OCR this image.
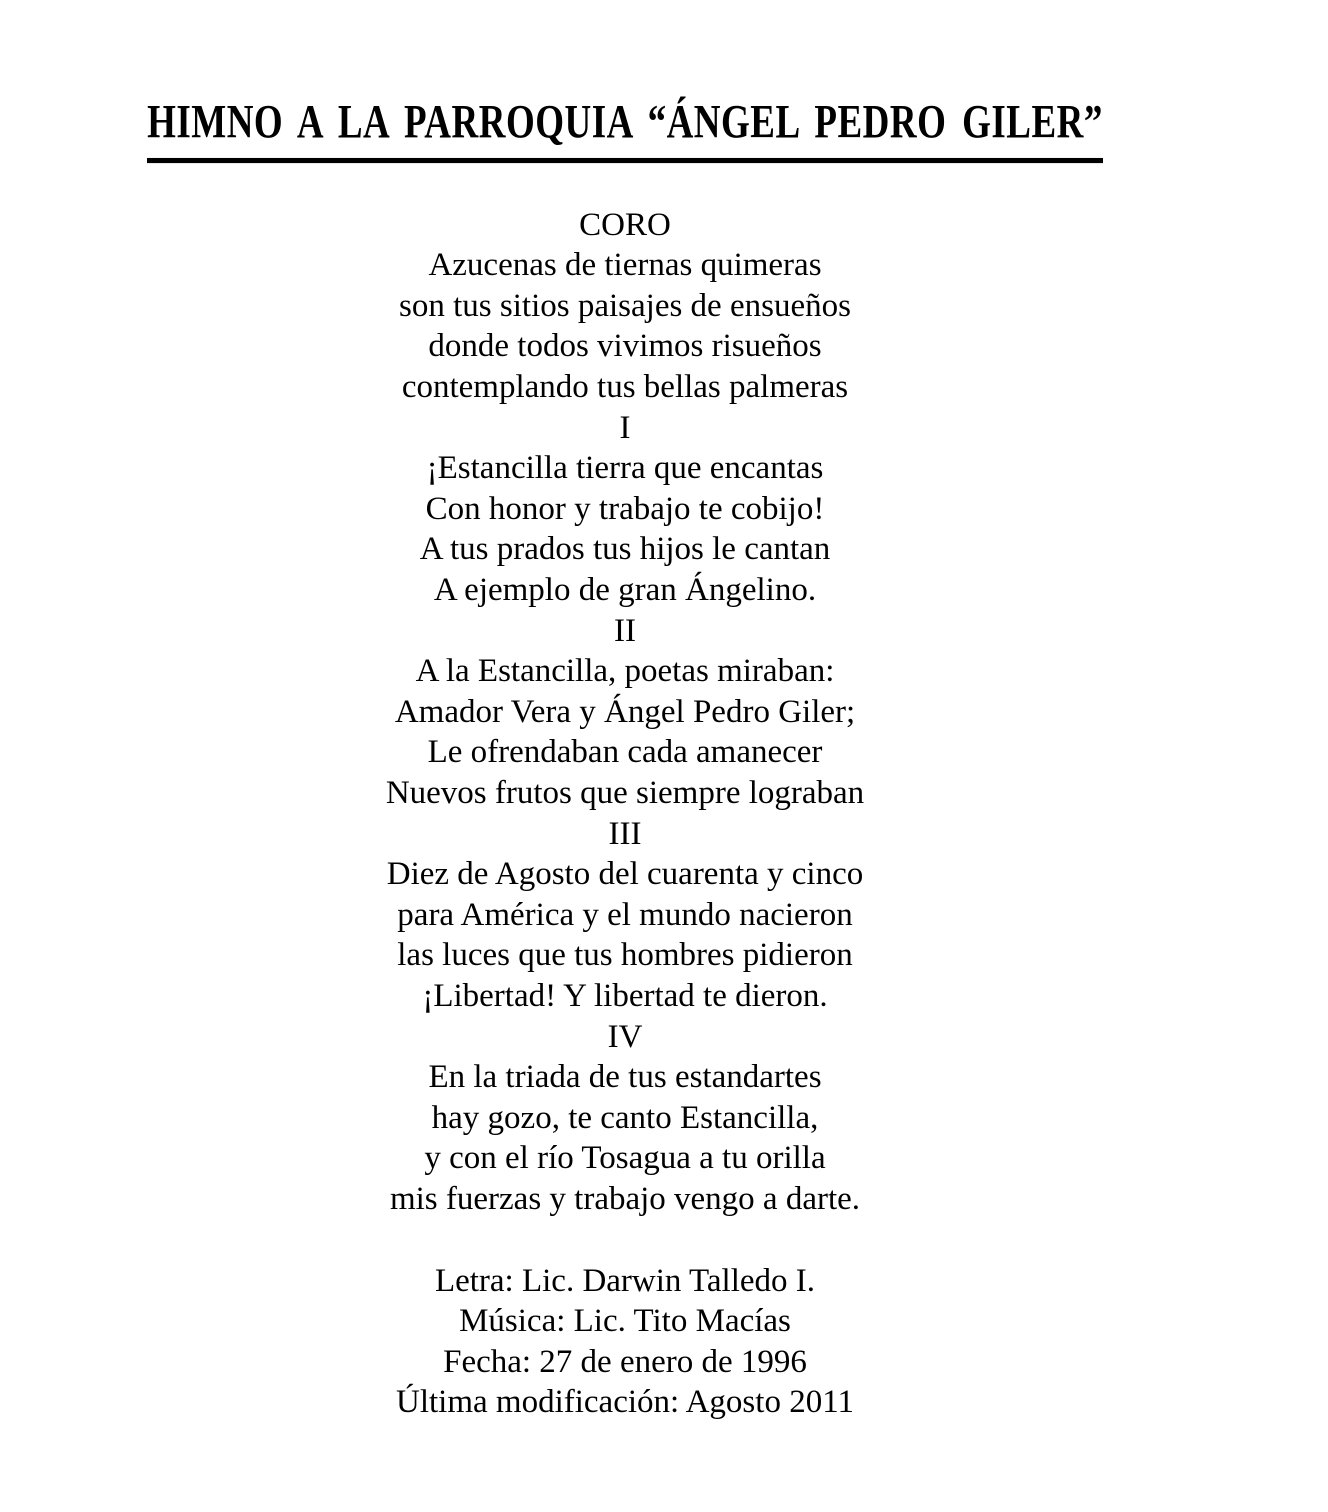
HIMNO A LA PARROQUIA “ÁNGEL PEDRO GILER”

CORO

Azucenas de tiernas quimeras

son tus sitios paisajes de ensueños

donde todos vivimos risueños

contemplando tus bellas palmeras

I

¡Estancilla tierra que encantas

Con honor y trabajo te cobijo!

A tus prados tus hijos le cantan

A ejemplo de gran Ángelino.

II

A la Estancilla, poetas miraban:

Amador Vera y Ángel Pedro Giler;

Le ofrendaban cada amanecer

Nuevos frutos que siempre lograban

III

Diez de Agosto del cuarenta y cinco

para América y el mundo nacieron

las luces que tus hombres pidieron

¡Libertad! Y libertad te dieron.

IV

En la triada de tus estandartes

hay gozo, te canto Estancilla,

y con el río Tosagua a tu orilla

mis fuerzas y trabajo vengo a darte.

Letra: Lic. Darwin Talledo I.

Música: Lic. Tito Macías

Fecha: 27 de enero de 1996

Última modificación: Agosto 2011
